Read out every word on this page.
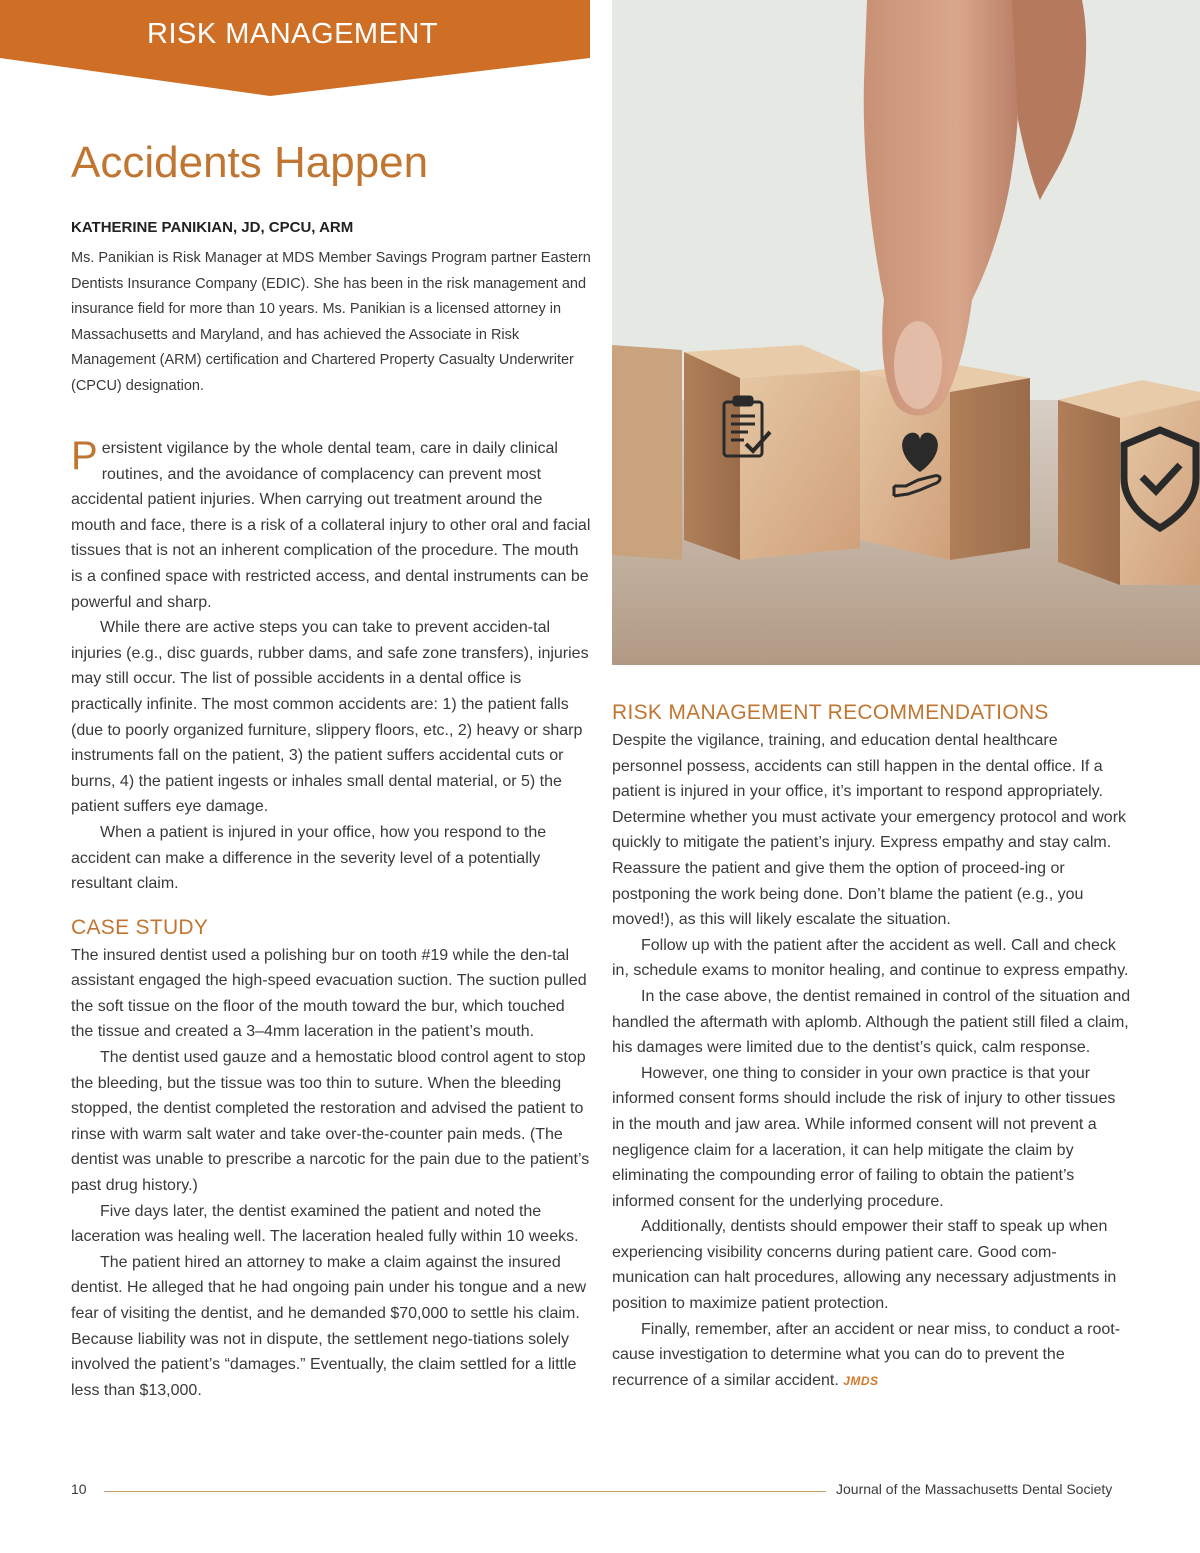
RISK MANAGEMENT
Accidents Happen

KATHERINE PANIKIAN, JD, CPCU, ARM

Ms. Panikian is Risk Manager at MDS Member Savings Program partner Eastern Dentists Insurance Company (EDIC). She has been in the risk management and insurance field for more than 10 years. Ms. Panikian is a licensed attorney in Massachusetts and Maryland, and has achieved the Associate in Risk Management (ARM) certification and Chartered Property Casualty Underwriter (CPCU) designation.

Persistent vigilance by the whole dental team, care in daily clinical routines, and the avoidance of complacency can prevent most accidental patient injuries. When carrying out treatment around the mouth and face, there is a risk of a collateral injury to other oral and facial tissues that is not an inherent complication of the procedure. The mouth is a confined space with restricted access, and dental instruments can be powerful and sharp.

While there are active steps you can take to prevent acciden-tal injuries (e.g., disc guards, rubber dams, and safe zone transfers), injuries may still occur. The list of possible accidents in a dental office is practically infinite. The most common accidents are: 1) the patient falls (due to poorly organized furniture, slippery floors, etc., 2) heavy or sharp instruments fall on the patient, 3) the patient suffers accidental cuts or burns, 4) the patient ingests or inhales small dental material, or 5) the patient suffers eye damage.

When a patient is injured in your office, how you respond to the accident can make a difference in the severity level of a potentially resultant claim.

CASE STUDY

The insured dentist used a polishing bur on tooth #19 while the den-tal assistant engaged the high-speed evacuation suction. The suction pulled the soft tissue on the floor of the mouth toward the bur, which touched the tissue and created a 3–4mm laceration in the patient’s mouth.

The dentist used gauze and a hemostatic blood control agent to stop the bleeding, but the tissue was too thin to suture. When the bleeding stopped, the dentist completed the restoration and advised the patient to rinse with warm salt water and take over-the-counter pain meds. (The dentist was unable to prescribe a narcotic for the pain due to the patient’s past drug history.)

Five days later, the dentist examined the patient and noted the laceration was healing well. The laceration healed fully within 10 weeks.

The patient hired an attorney to make a claim against the insured dentist. He alleged that he had ongoing pain under his tongue and a new fear of visiting the dentist, and he demanded $70,000 to settle his claim. Because liability was not in dispute, the settlement nego-tiations solely involved the patient’s “damages.” Eventually, the claim settled for a little less than $13,000.

RISK MANAGEMENT RECOMMENDATIONS

Despite the vigilance, training, and education dental healthcare personnel possess, accidents can still happen in the dental office. If a patient is injured in your office, it’s important to respond appropriately. Determine whether you must activate your emergency protocol and work quickly to mitigate the patient’s injury. Express empathy and stay calm. Reassure the patient and give them the option of proceed-ing or postponing the work being done. Don’t blame the patient (e.g., you moved!), as this will likely escalate the situation.

Follow up with the patient after the accident as well. Call and check in, schedule exams to monitor healing, and continue to express empathy.

In the case above, the dentist remained in control of the situation and handled the aftermath with aplomb. Although the patient still filed a claim, his damages were limited due to the dentist’s quick, calm response.

However, one thing to consider in your own practice is that your informed consent forms should include the risk of injury to other tissues in the mouth and jaw area. While informed consent will not prevent a negligence claim for a laceration, it can help mitigate the claim by eliminating the compounding error of failing to obtain the patient’s informed consent for the underlying procedure.

Additionally, dentists should empower their staff to speak up when experiencing visibility concerns during patient care. Good com-munication can halt procedures, allowing any necessary adjustments in position to maximize patient protection.

Finally, remember, after an accident or near miss, to conduct a root-cause investigation to determine what you can do to prevent the recurrence of a similar accident. JMDS

10	Journal of the Massachusetts Dental Society
